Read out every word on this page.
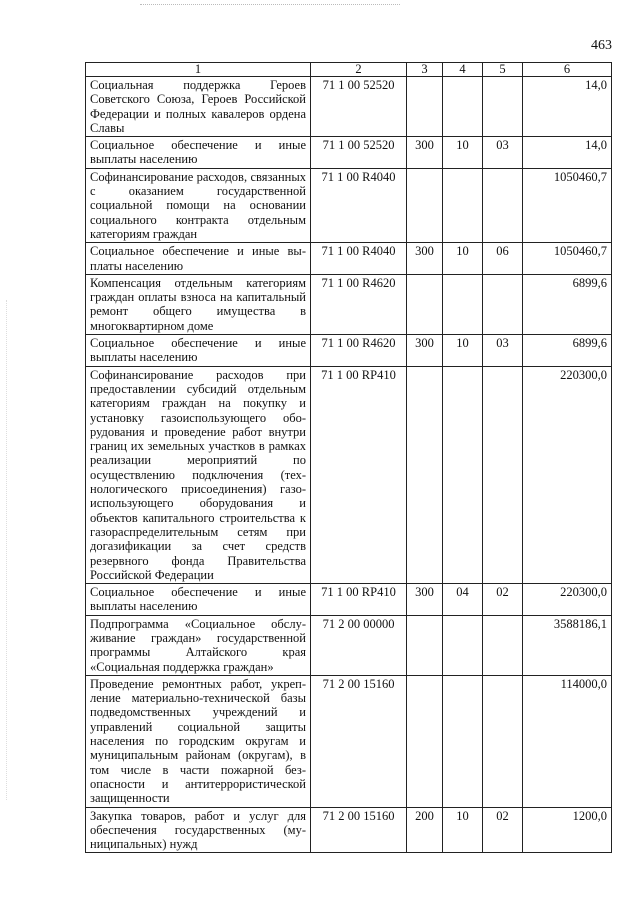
463
1	2	3	4	5	6
Социальная поддержка Героев Советского Союза, Героев Российской Федерации и полных кавалеров ордена Славы	71 1 00 52520				14,0
Социальное обеспечение и иные выплаты населению	71 1 00 52520	300	10	03	14,0
Софинансирование расходов, связанных с оказанием государственной социальной помощи на основании социального контракта отдельным категориям граждан	71 1 00 R4040				1050460,7
Социальное обеспечение и иные выплаты населению	71 1 00 R4040	300	10	06	1050460,7
Компенсация отдельным категориям граждан оплаты взноса на капитальный ремонт общего имущества в многоквартирном доме	71 1 00 R4620				6899,6
Социальное обеспечение и иные выплаты населению	71 1 00 R4620	300	10	03	6899,6
Софинансирование расходов при предоставлении субсидий отдельным категориям граждан на покупку и установку газоиспользующего оборудования и проведение работ внутри границ их земельных участков в рамках реализации мероприятий по осуществлению подключения (технологического присоединения) газоиспользующего оборудования и объектов капитального строительства к газораспределительным сетям при догазификации за счет средств резервного фонда Правительства Российской Федерации	71 1 00 RP410				220300,0
Социальное обеспечение и иные выплаты населению	71 1 00 RP410	300	04	02	220300,0
Подпрограмма «Социальное обслуживание граждан» государственной программы Алтайского края «Социальная поддержка граждан»	71 2 00 00000				3588186,1
Проведение ремонтных работ, укрепление материально-технической базы подведомственных учреждений и управлений социальной защиты населения по городским округам и муниципальным районам (округам), в том числе в части пожарной безопасности и антитеррористической защищенности	71 2 00 15160				114000,0
Закупка товаров, работ и услуг для обеспечения государственных (муниципальных) нужд	71 2 00 15160	200	10	02	1200,0
